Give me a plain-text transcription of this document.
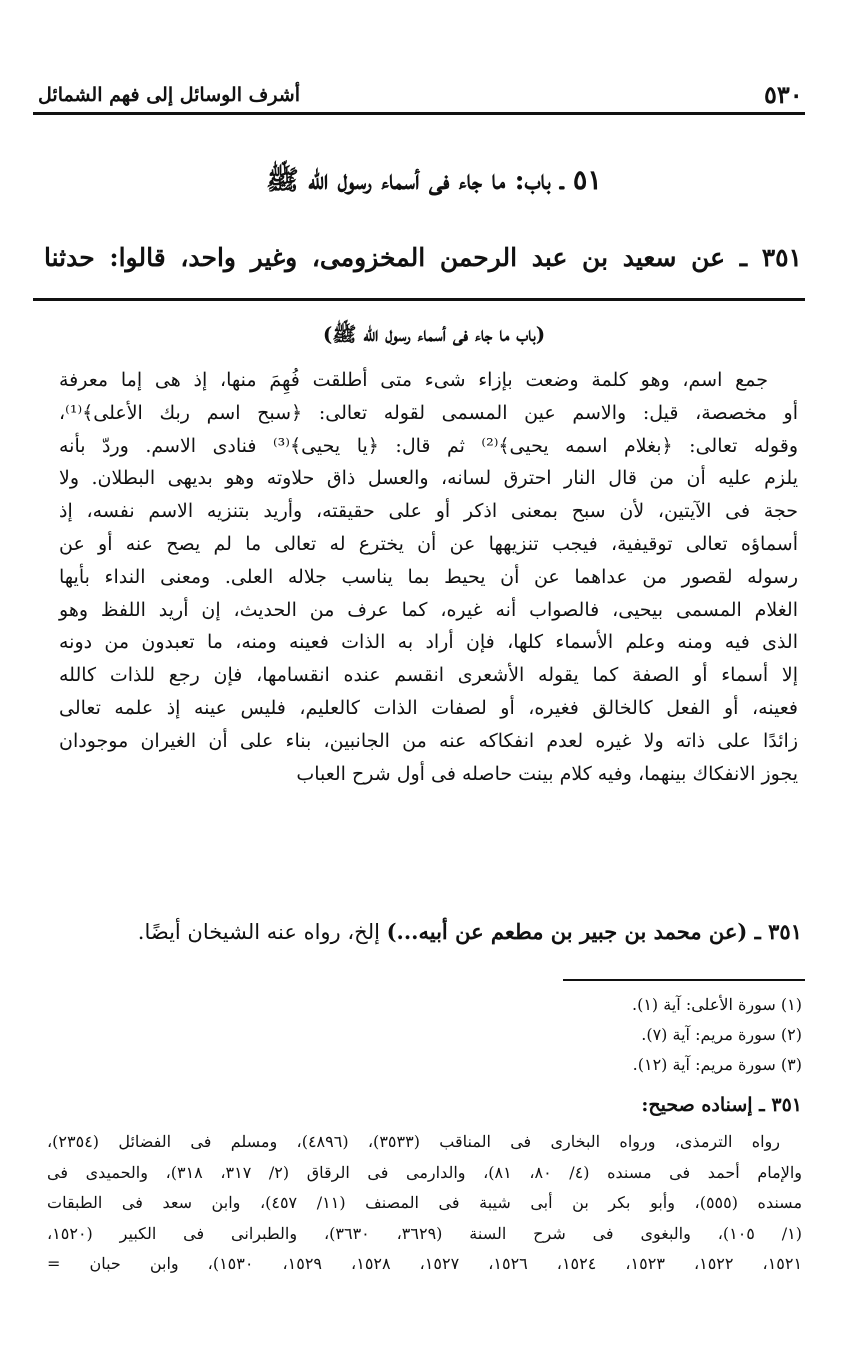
أشرف الوسائل إلى فهم الشمائل	٥٣٠
٥١ ـ باب: ما جاء فى أسماء رسول الله ﷺ
٣٥١ ـ عن سعيد بن عبد الرحمن المخزومى، وغير واحد، قالوا: حدثنا
(باب ما جاء فى أسماء رسول الله ﷺ)
جمع اسم، وهو كلمة وضعت بإزاء شىء متى أطلقت فُهِمَ منها، إذ هى إما معرفة
أو مخصصة، قيل: والاسم عين المسمى لقوله تعالى: ﴿سبح اسم ربك الأعلى﴾⁽¹⁾،
وقوله تعالى: ﴿بغلام اسمه يحيى﴾⁽²⁾ ثم قال: ﴿يا يحيى﴾⁽³⁾ فنادى الاسم. وردّ بأنه
يلزم عليه أن من قال النار احترق لسانه، والعسل ذاق حلاوته وهو بديهى البطلان. ولا
حجة فى الآيتين، لأن سبح بمعنى اذكر أو على حقيقته، وأريد بتنزيه الاسم نفسه، إذ
أسماؤه تعالى توقيفية، فيجب تنزيهها عن أن يخترع له تعالى ما لم يصح عنه أو عن
رسوله لقصور من عداهما عن أن يحيط بما يناسب جلاله العلى. ومعنى النداء بأيها
الغلام المسمى بيحيى، فالصواب أنه غيره، كما عرف من الحديث، إن أريد اللفظ وهو
الذى فيه ومنه وعلم الأسماء كلها، فإن أراد به الذات فعينه ومنه، ما تعبدون من دونه
إلا أسماء أو الصفة كما يقوله الأشعرى انقسم عنده انقسامها، فإن رجع للذات كالله
فعينه، أو الفعل كالخالق فغيره، أو لصفات الذات كالعليم، فليس عينه إذ علمه تعالى
زائدًا على ذاته ولا غيره لعدم انفكاكه عنه من الجانبين، بناء على أن الغيران موجودان
يجوز الانفكاك بينهما، وفيه كلام بينت حاصله فى أول شرح العباب
٣٥١ ـ (عن محمد بن جبير بن مطعم عن أبيه...) إلخ، رواه عنه الشيخان أيضًا.
(١) سورة الأعلى: آية (١).
(٢) سورة مريم: آية (٧).
(٣) سورة مريم: آية (١٢).
٣٥١ ـ إسناده صحيح:
رواه الترمذى، ورواه البخارى فى المناقب (٣٥٣٣)، (٤٨٩٦)، ومسلم فى الفضائل (٢٣٥٤)،
والإمام أحمد فى مسنده (٤/ ٨٠، ٨١)، والدارمى فى الرقاق (٢/ ٣١٧، ٣١٨)، والحميدى فى
مسنده (٥٥٥)، وأبو بكر بن أبى شيبة فى المصنف (١١/ ٤٥٧)، وابن سعد فى الطبقات
(١/ ١٠٥)، والبغوى فى شرح السنة (٣٦٢٩، ٣٦٣٠)، والطبرانى فى الكبير (١٥٢٠،
١٥٢١، ١٥٢٢، ١٥٢٣، ١٥٢٤، ١٥٢٦، ١٥٢٧، ١٥٢٨، ١٥٢٩، ١٥٣٠)، وابن حبان =
